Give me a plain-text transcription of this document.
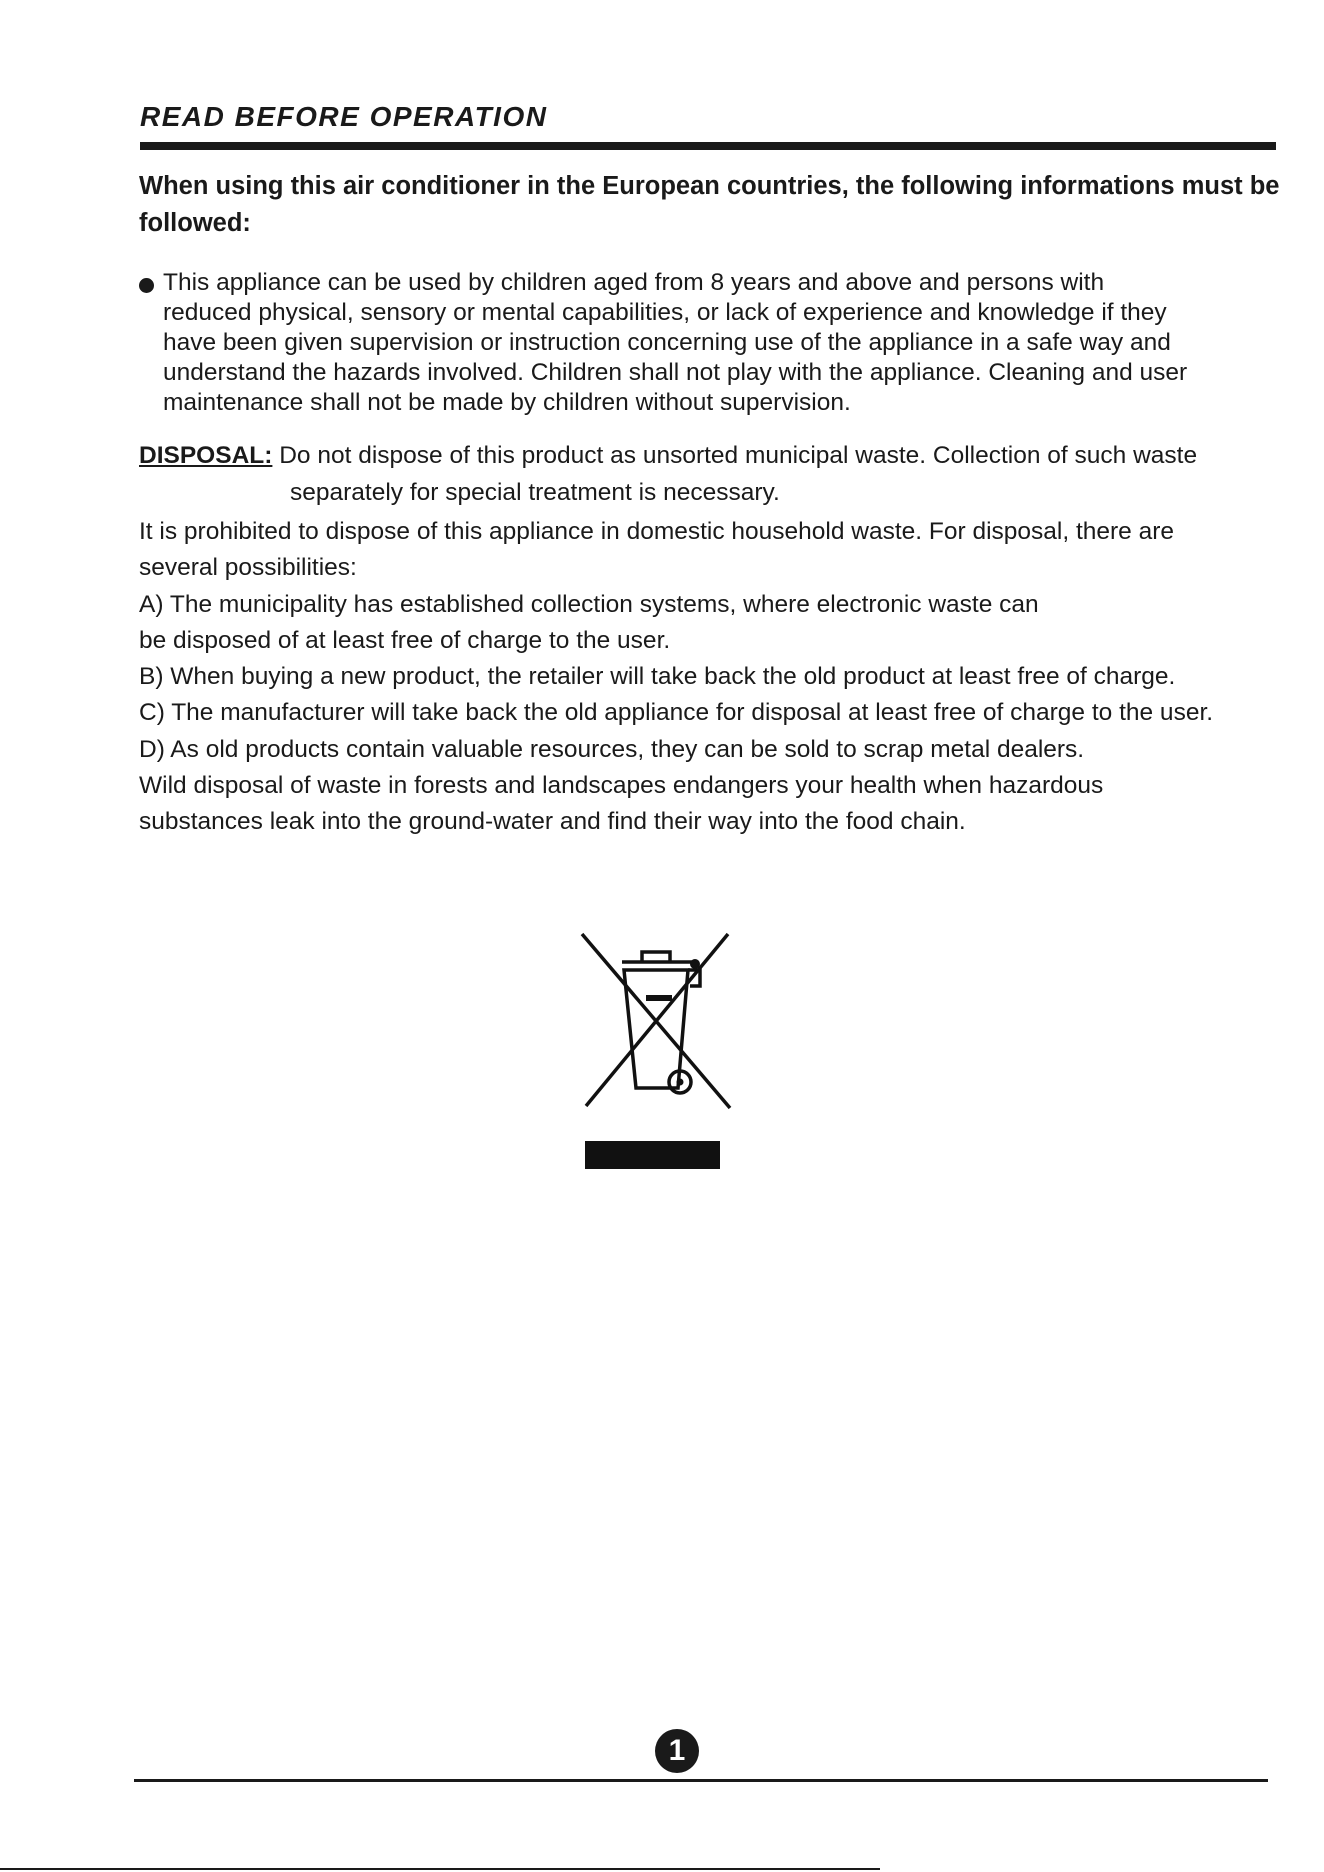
READ BEFORE OPERATION

When using this air conditioner in the European countries, the following informations must be followed:

This appliance can be used by children aged from 8 years and above and persons with
reduced physical, sensory or mental capabilities, or lack of experience and knowledge if they
have been given supervision or instruction concerning use of the appliance in a safe way and
understand the hazards involved. Children shall not play with the appliance. Cleaning and user
maintenance shall not be made by children without supervision.

DISPOSAL: Do not dispose of this product as unsorted municipal waste. Collection of such waste
separately for special treatment is necessary.

It is prohibited to dispose of this appliance in domestic household waste. For disposal, there are
several possibilities:
A) The municipality has established collection systems, where electronic waste can
be disposed of at least free of charge to the user.
B) When buying a new product, the retailer will take back the old product at least free of charge.
C) The manufacturer will take back the old appliance for disposal at least free of charge to the user.
D) As old products contain valuable resources, they can be sold to scrap metal dealers.
Wild disposal of waste in forests and landscapes endangers your health when hazardous
substances leak into the ground-water and find their way into the food chain.

1
